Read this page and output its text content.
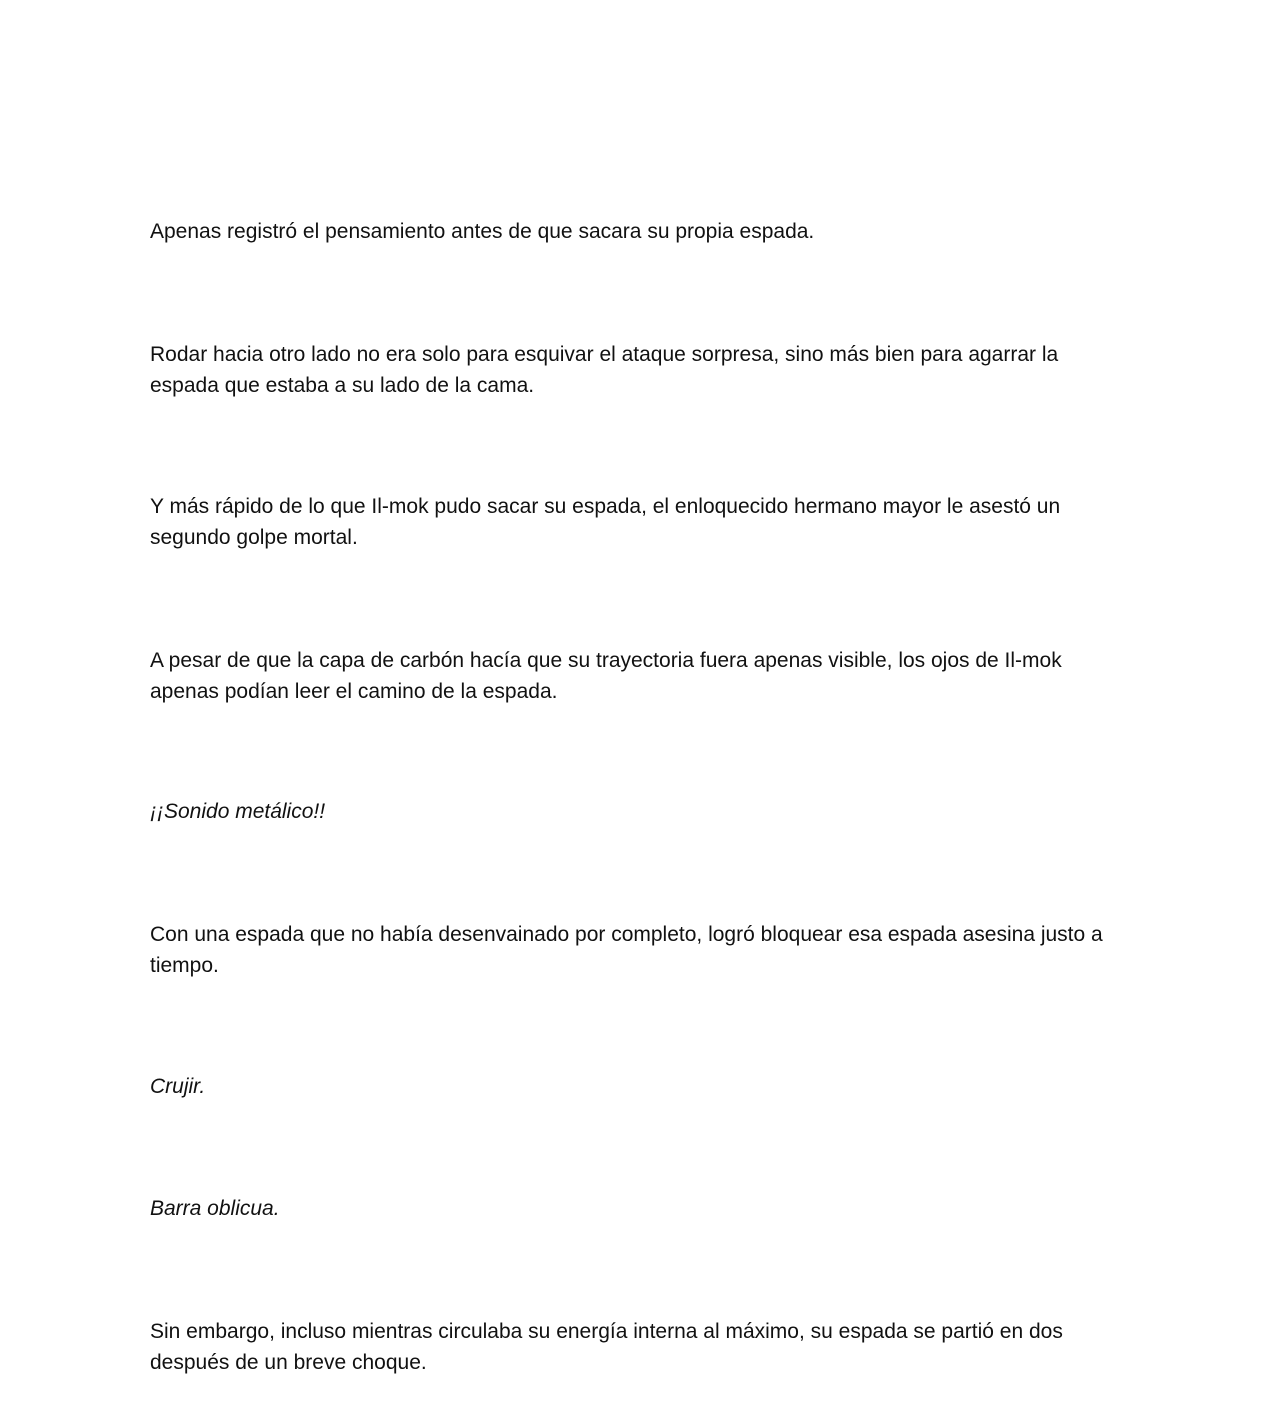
Apenas registró el pensamiento antes de que sacara su propia espada.

Rodar hacia otro lado no era solo para esquivar el ataque sorpresa, sino más bien para agarrar la espada que estaba a su lado de la cama.

Y más rápido de lo que Il-mok pudo sacar su espada, el enloquecido hermano mayor le asestó un segundo golpe mortal.

A pesar de que la capa de carbón hacía que su trayectoria fuera apenas visible, los ojos de Il-mok apenas podían leer el camino de la espada.

¡¡Sonido metálico!!

Con una espada que no había desenvainado por completo, logró bloquear esa espada asesina justo a tiempo.

Crujir.

Barra oblicua.

Sin embargo, incluso mientras circulaba su energía interna al máximo, su espada se partió en dos después de un breve choque.
